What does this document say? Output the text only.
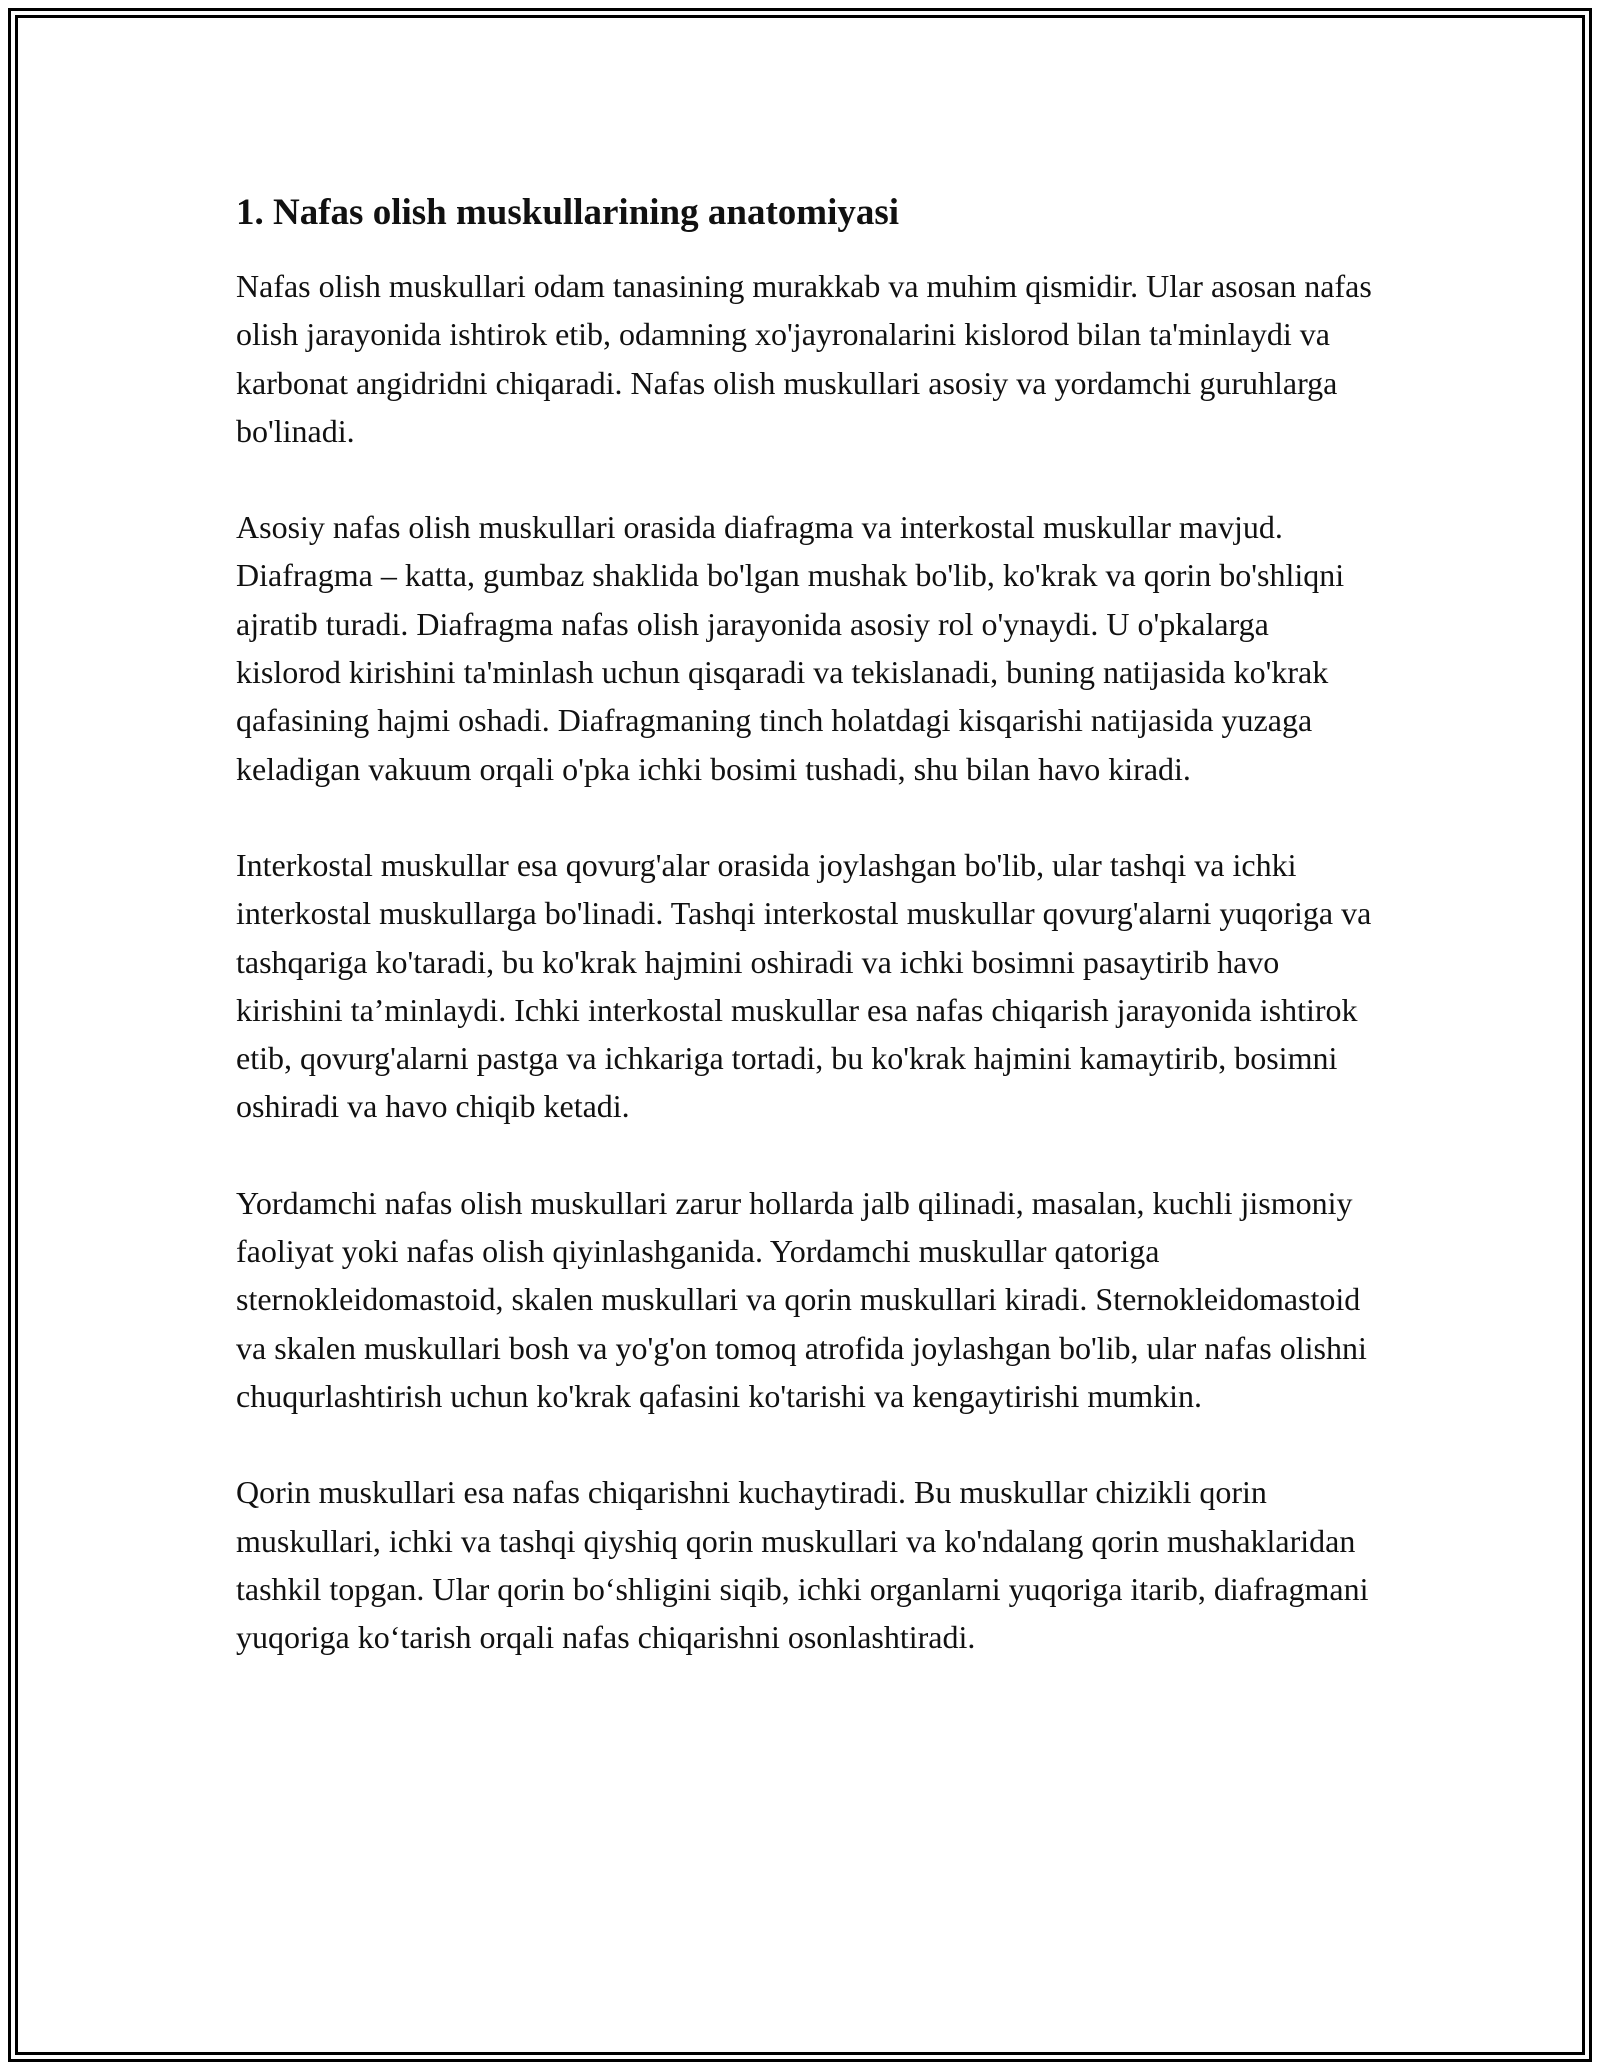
1. Nafas olish muskullarining anatomiyasi

Nafas olish muskullari odam tanasining murakkab va muhim qismidir. Ular asosan nafas olish jarayonida ishtirok etib, odamning xo'jayronalarini kislorod bilan ta'minlaydi va karbonat angidridni chiqaradi. Nafas olish muskullari asosiy va yordamchi guruhlarga bo'linadi.

Asosiy nafas olish muskullari orasida diafragma va interkostal muskullar mavjud. Diafragma – katta, gumbaz shaklida bo'lgan mushak bo'lib, ko'krak va qorin bo'shliqni ajratib turadi. Diafragma nafas olish jarayonida asosiy rol o'ynaydi. U o'pkalarga kislorod kirishini ta'minlash uchun qisqaradi va tekislanadi, buning natijasida ko'krak qafasining hajmi oshadi. Diafragmaning tinch holatdagi kisqarishi natijasida yuzaga keladigan vakuum orqali o'pka ichki bosimi tushadi, shu bilan havo kiradi.

Interkostal muskullar esa qovurg'alar orasida joylashgan bo'lib, ular tashqi va ichki interkostal muskullarga bo'linadi. Tashqi interkostal muskullar qovurg'alarni yuqoriga va tashqariga ko'taradi, bu ko'krak hajmini oshiradi va ichki bosimni pasaytirib havo kirishini ta’minlaydi. Ichki interkostal muskullar esa nafas chiqarish jarayonida ishtirok etib, qovurg'alarni pastga va ichkariga tortadi, bu ko'krak hajmini kamaytirib, bosimni oshiradi va havo chiqib ketadi.

Yordamchi nafas olish muskullari zarur hollarda jalb qilinadi, masalan, kuchli jismoniy faoliyat yoki nafas olish qiyinlashganida. Yordamchi muskullar qatoriga sternokleidomastoid, skalen muskullari va qorin muskullari kiradi. Sternokleidomastoid va skalen muskullari bosh va yo'g'on tomoq atrofida joylashgan bo'lib, ular nafas olishni chuqurlashtirish uchun ko'krak qafasini ko'tarishi va kengaytirishi mumkin.

Qorin muskullari esa nafas chiqarishni kuchaytiradi. Bu muskullar chizikli qorin muskullari, ichki va tashqi qiyshiq qorin muskullari va ko'ndalang qorin mushaklaridan tashkil topgan. Ular qorin bo‘shligini siqib, ichki organlarni yuqoriga itarib, diafragmani yuqoriga ko‘tarish orqali nafas chiqarishni osonlashtiradi.
